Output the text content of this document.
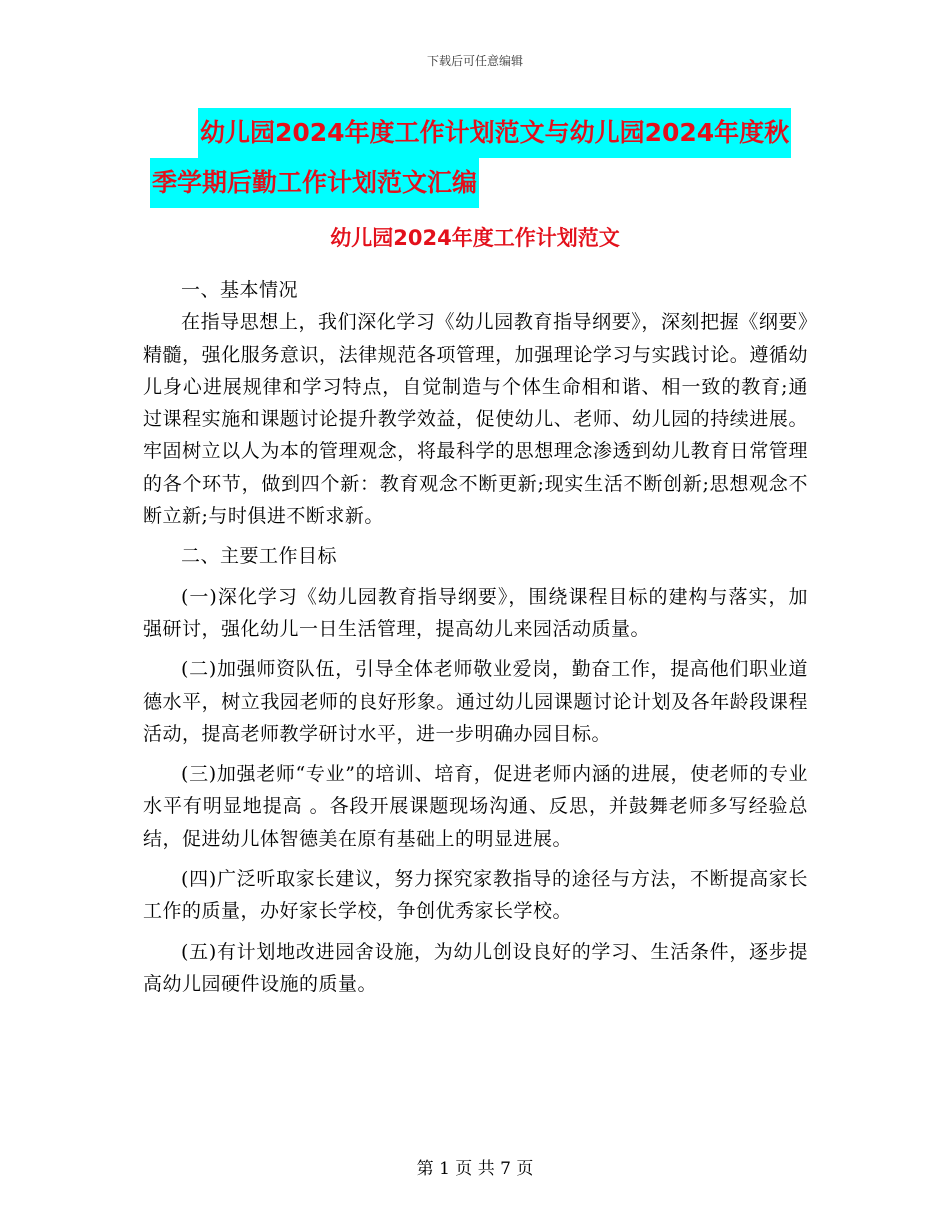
下载后可任意编辑
幼儿园2024年度工作计划范文与幼儿园2024年度秋
季学期后勤工作计划范文汇编
幼儿园2024年度工作计划范文

一、基本情况

在指导思想上，我们深化学习《幼儿园教育指导纲要》，深刻把握《纲要》精髓，强化服务意识，法律规范各项管理，加强理论学习与实践讨论。遵循幼儿身心进展规律和学习特点，自觉制造与个体生命相和谐、相一致的教育;通过课程实施和课题讨论提升教学效益，促使幼儿、老师、幼儿园的持续进展。牢固树立以人为本的管理观念，将最科学的思想理念渗透到幼儿教育日常管理的各个环节，做到四个新：教育观念不断更新;现实生活不断创新;思想观念不断立新;与时俱进不断求新。

二、主要工作目标

(一)深化学习《幼儿园教育指导纲要》，围绕课程目标的建构与落实，加强研讨，强化幼儿一日生活管理，提高幼儿来园活动质量。

(二)加强师资队伍，引导全体老师敬业爱岗，勤奋工作，提高他们职业道德水平，树立我园老师的良好形象。通过幼儿园课题讨论计划及各年龄段课程活动，提高老师教学研讨水平，进一步明确办园目标。

(三)加强老师“专业”的培训、培育，促进老师内涵的进展，使老师的专业水平有明显地提高 。各段开展课题现场沟通、反思，并鼓舞老师多写经验总结，促进幼儿体智德美在原有基础上的明显进展。

(四)广泛听取家长建议，努力探究家教指导的途径与方法，不断提高家长工作的质量，办好家长学校，争创优秀家长学校。

(五)有计划地改进园舍设施，为幼儿创设良好的学习、生活条件，逐步提高幼儿园硬件设施的质量。

第 1 页 共 7 页
